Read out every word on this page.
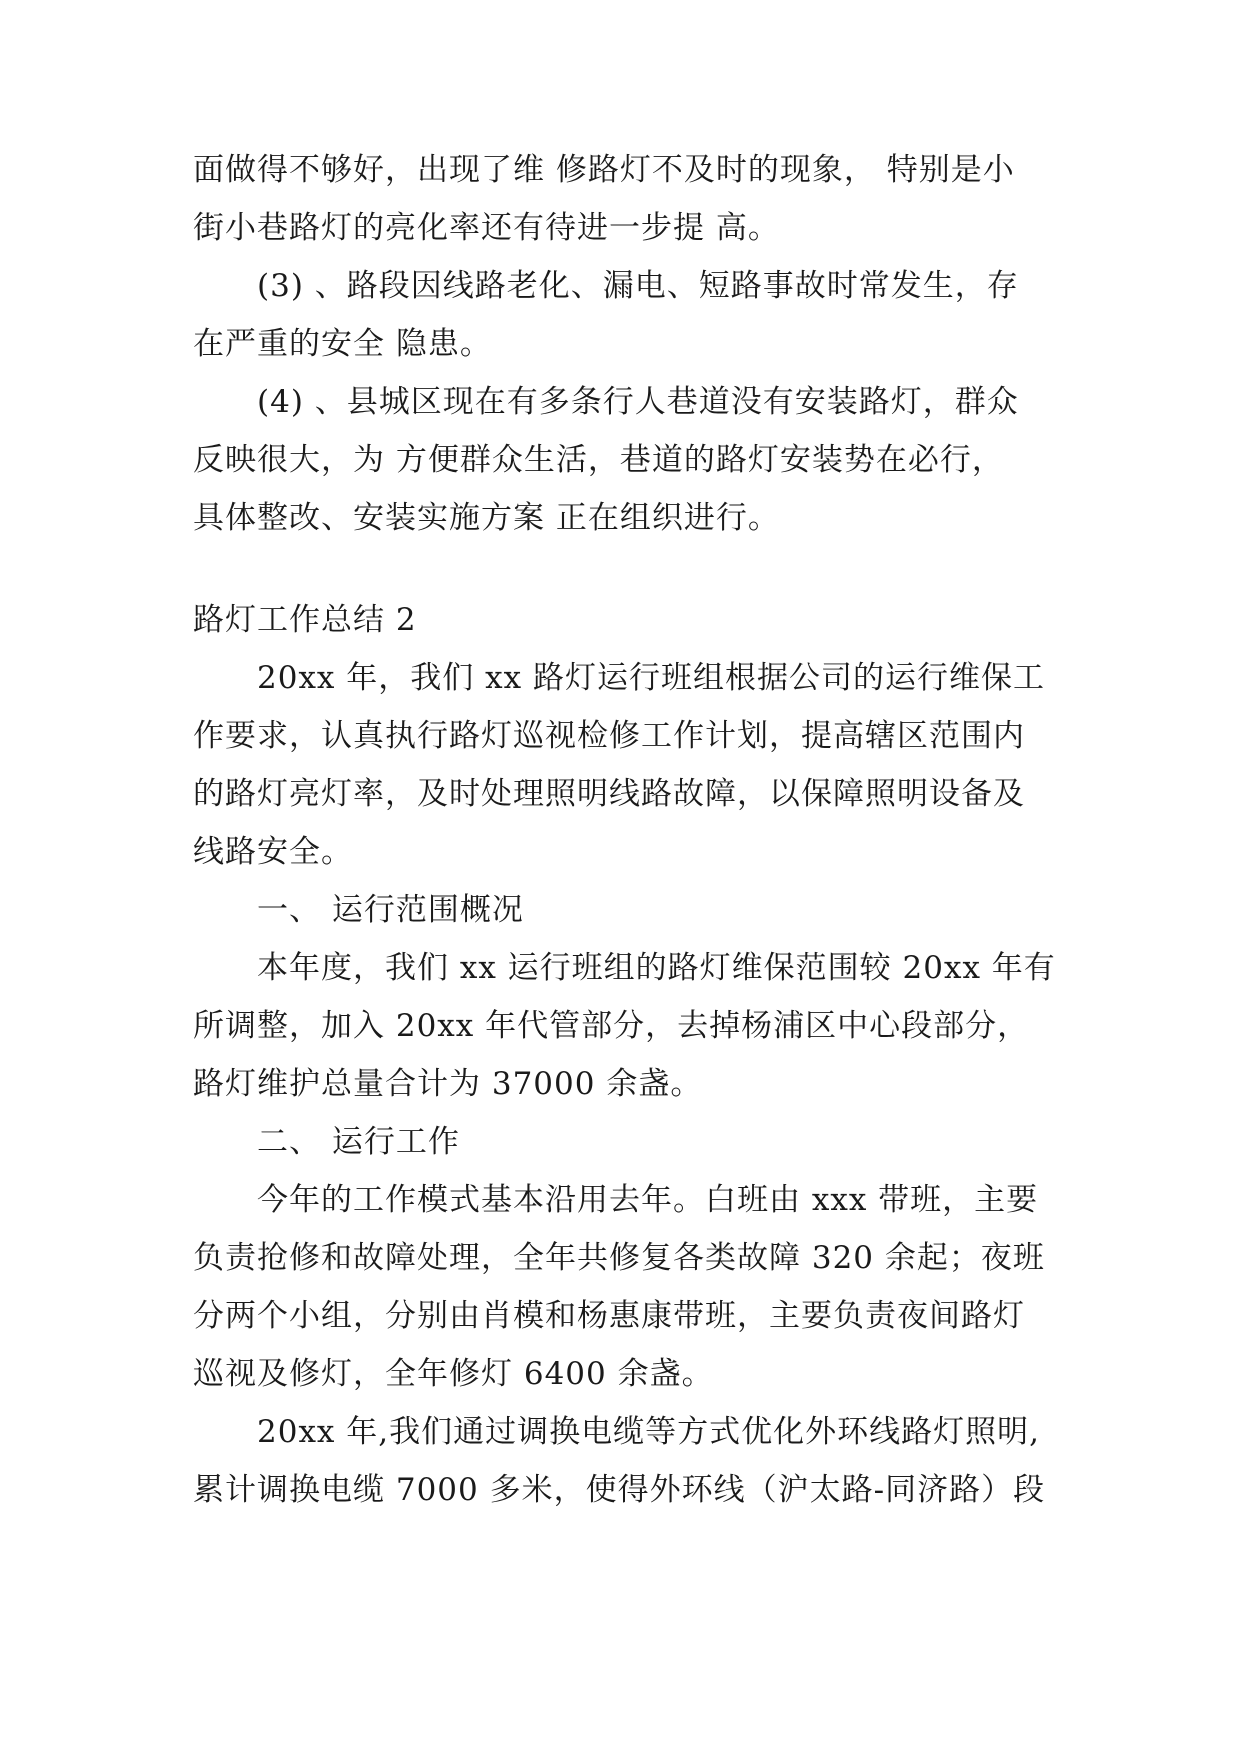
面做得不够好，出现了维 修路灯不及时的现象， 特别是小
街小巷路灯的亮化率还有待进一步提 高。
(3) 、路段因线路老化、漏电、短路事故时常发生，存
在严重的安全 隐患。
(4) 、县城区现在有多条行人巷道没有安装路灯，群众
反映很大，为 方便群众生活，巷道的路灯安装势在必行，
具体整改、安装实施方案 正在组织进行。
路灯工作总结 2
20xx 年，我们 xx 路灯运行班组根据公司的运行维保工
作要求，认真执行路灯巡视检修工作计划，提高辖区范围内
的路灯亮灯率，及时处理照明线路故障，以保障照明设备及
线路安全。
一、 运行范围概况
本年度，我们 xx 运行班组的路灯维保范围较 20xx 年有
所调整，加入 20xx 年代管部分，去掉杨浦区中心段部分，
路灯维护总量合计为 37000 余盏。
二、 运行工作
今年的工作模式基本沿用去年。白班由 xxx 带班，主要
负责抢修和故障处理，全年共修复各类故障 320 余起；夜班
分两个小组，分别由肖模和杨惠康带班，主要负责夜间路灯
巡视及修灯，全年修灯 6400 余盏。
20xx 年,我们通过调换电缆等方式优化外环线路灯照明,
累计调换电缆 7000 多米，使得外环线（沪太路-同济路）段
